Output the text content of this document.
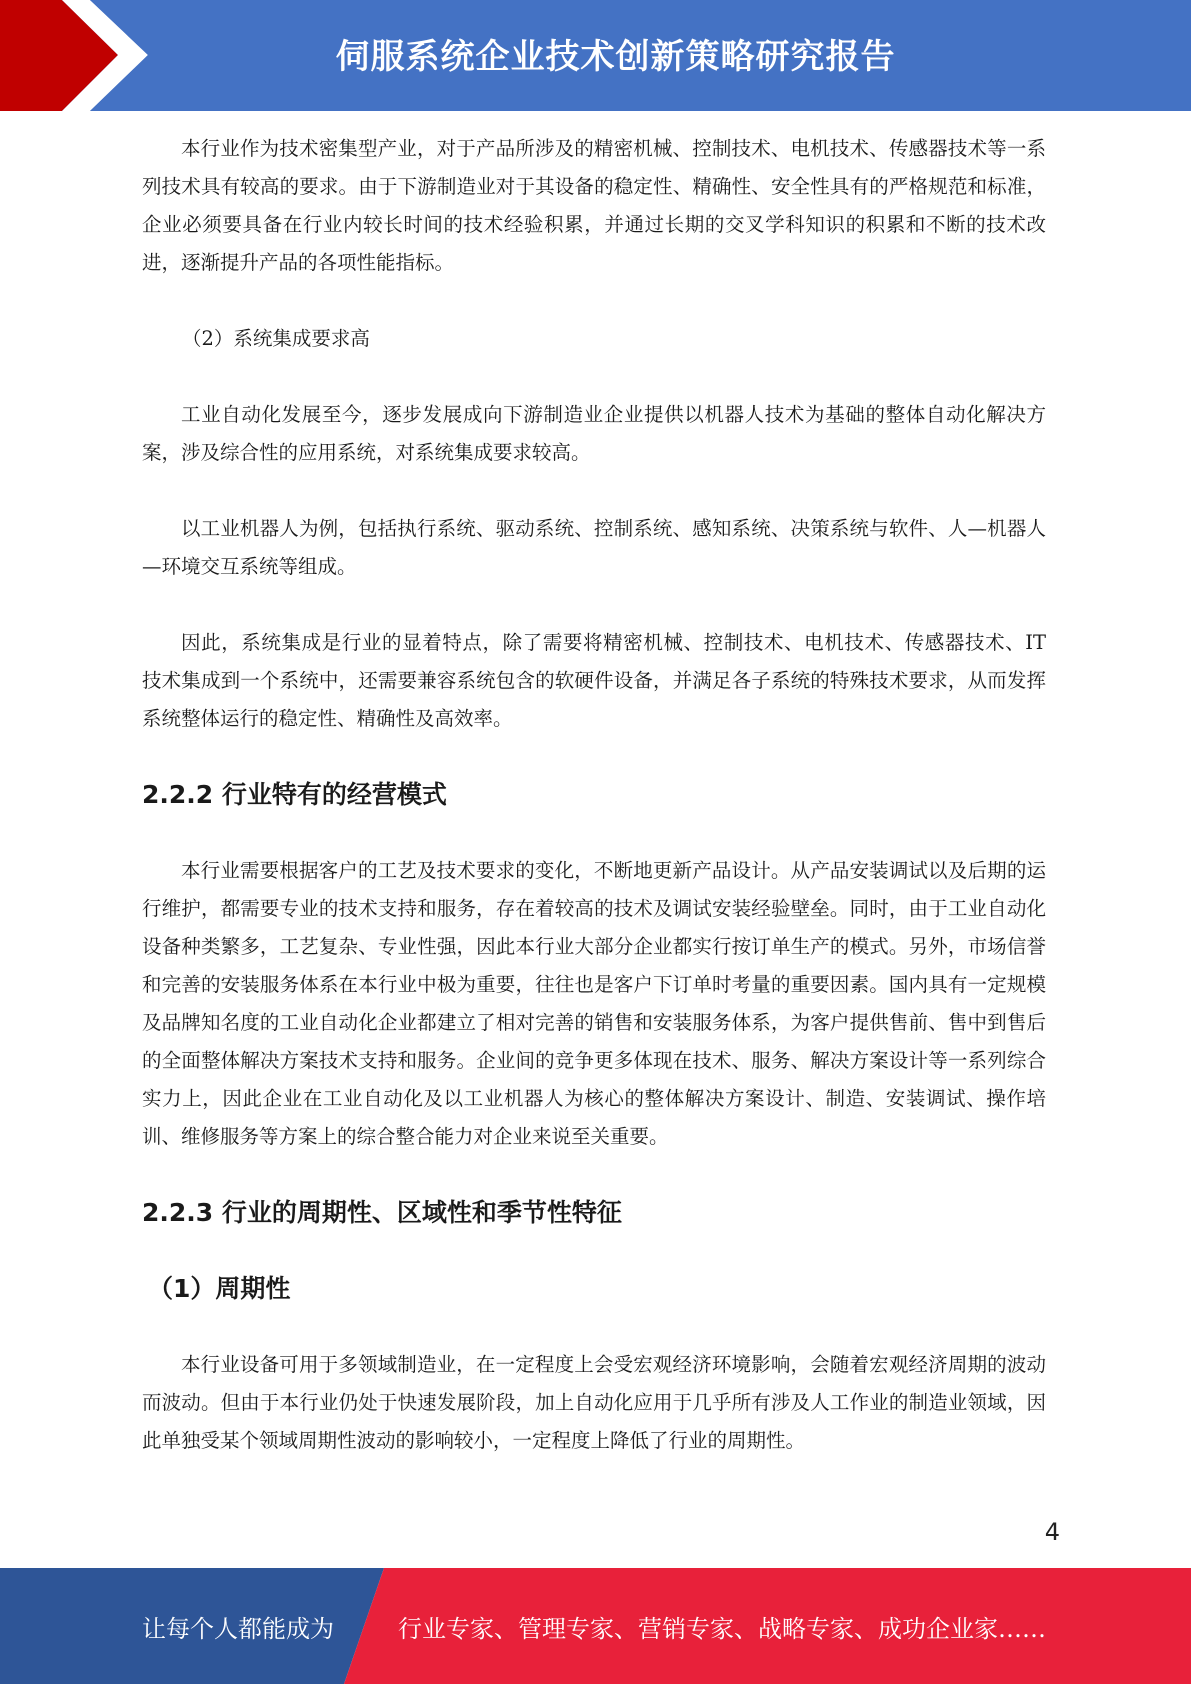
伺服系统企业技术创新策略研究报告

本行业作为技术密集型产业，对于产品所涉及的精密机械、控制技术、电机技术、传感器技术等一系列技术具有较高的要求。由于下游制造业对于其设备的稳定性、精确性、安全性具有的严格规范和标准，企业必须要具备在行业内较长时间的技术经验积累，并通过长期的交叉学科知识的积累和不断的技术改进，逐渐提升产品的各项性能指标。

（2）系统集成要求高

工业自动化发展至今，逐步发展成向下游制造业企业提供以机器人技术为基础的整体自动化解决方案，涉及综合性的应用系统，对系统集成要求较高。

以工业机器人为例，包括执行系统、驱动系统、控制系统、感知系统、决策系统与软件、人—机器人—环境交互系统等组成。

因此，系统集成是行业的显着特点，除了需要将精密机械、控制技术、电机技术、传感器技术、IT 技术集成到一个系统中，还需要兼容系统包含的软硬件设备，并满足各子系统的特殊技术要求，从而发挥系统整体运行的稳定性、精确性及高效率。

2.2.2 行业特有的经营模式

本行业需要根据客户的工艺及技术要求的变化，不断地更新产品设计。从产品安装调试以及后期的运行维护，都需要专业的技术支持和服务，存在着较高的技术及调试安装经验壁垒。同时，由于工业自动化设备种类繁多，工艺复杂、专业性强，因此本行业大部分企业都实行按订单生产的模式。另外，市场信誉和完善的安装服务体系在本行业中极为重要，往往也是客户下订单时考量的重要因素。国内具有一定规模及品牌知名度的工业自动化企业都建立了相对完善的销售和安装服务体系，为客户提供售前、售中到售后的全面整体解决方案技术支持和服务。企业间的竞争更多体现在技术、服务、解决方案设计等一系列综合实力上，因此企业在工业自动化及以工业机器人为核心的整体解决方案设计、制造、安装调试、操作培训、维修服务等方案上的综合整合能力对企业来说至关重要。

2.2.3 行业的周期性、区域性和季节性特征
（1）周期性

本行业设备可用于多领域制造业，在一定程度上会受宏观经济环境影响，会随着宏观经济周期的波动而波动。但由于本行业仍处于快速发展阶段，加上自动化应用于几乎所有涉及人工作业的制造业领域，因此单独受某个领域周期性波动的影响较小，一定程度上降低了行业的周期性。

4
让每个人都能成为	行业专家、管理专家、营销专家、战略专家、成功企业家……
